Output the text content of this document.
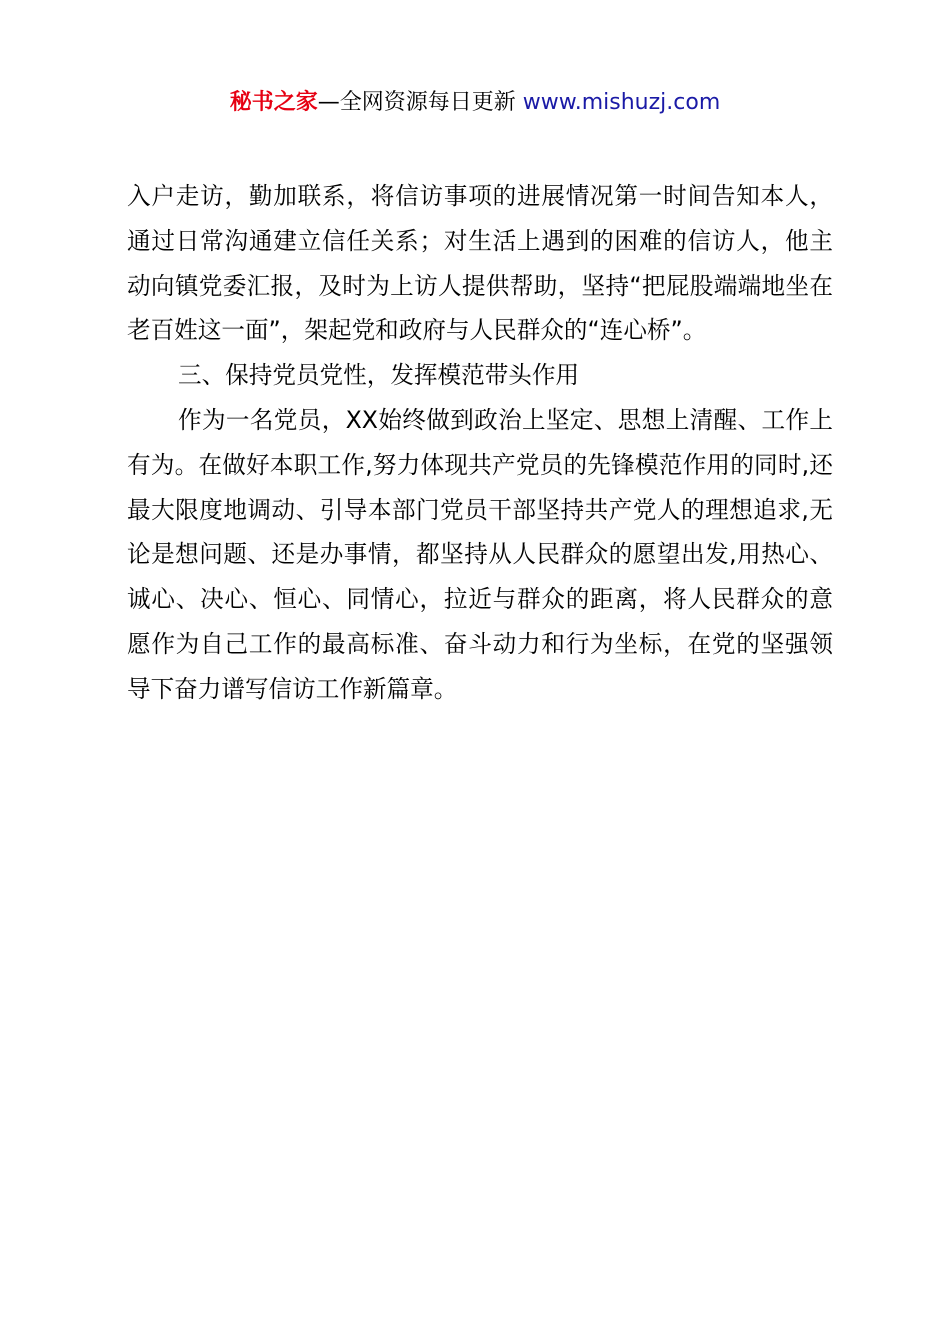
秘书之家—全网资源每日更新 www.mishuzj.com

入户走访，勤加联系，将信访事项的进展情况第一时间告知本人，通过日常沟通建立信任关系；对生活上遇到的困难的信访人，他主动向镇党委汇报，及时为上访人提供帮助，坚持“把屁股端端地坐在老百姓这一面”，架起党和政府与人民群众的“连心桥”。

三、保持党员党性，发挥模范带头作用

作为一名党员，XX始终做到政治上坚定、思想上清醒、工作上有为。在做好本职工作,努力体现共产党员的先锋模范作用的同时,还最大限度地调动、引导本部门党员干部坚持共产党人的理想追求,无论是想问题、还是办事情，都坚持从人民群众的愿望出发,用热心、诚心、决心、恒心、同情心，拉近与群众的距离，将人民群众的意愿作为自己工作的最高标准、奋斗动力和行为坐标，在党的坚强领导下奋力谱写信访工作新篇章。
